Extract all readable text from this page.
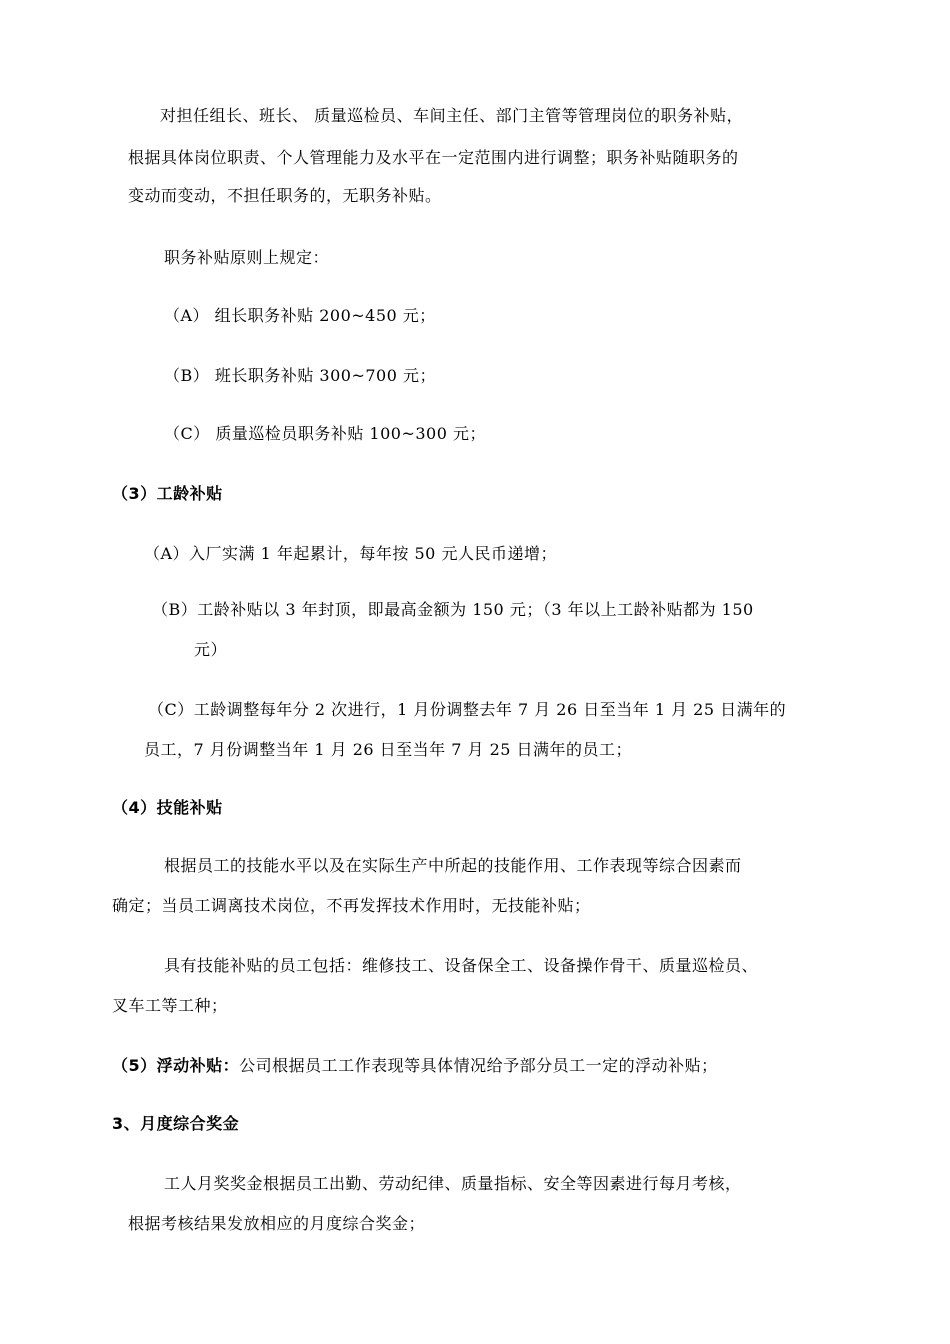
对担任组长、班长、 质量巡检员、车间主任、部门主管等管理岗位的职务补贴，
根据具体岗位职责、个人管理能力及水平在一定范围内进行调整；职务补贴随职务的
变动而变动，不担任职务的，无职务补贴。
职务补贴原则上规定：
（A） 组长职务补贴 200~450 元；
（B） 班长职务补贴 300~700 元；
（C） 质量巡检员职务补贴 100~300 元；
（3）工龄补贴
（A）入厂实满 1 年起累计，每年按 50 元人民币递增；
（B）工龄补贴以 3 年封顶，即最高金额为 150 元；（3 年以上工龄补贴都为 150
元）
（C）工龄调整每年分 2 次进行，1 月份调整去年 7 月 26 日至当年 1 月 25 日满年的
员工，7 月份调整当年 1 月 26 日至当年 7 月 25 日满年的员工；
（4）技能补贴
根据员工的技能水平以及在实际生产中所起的技能作用、工作表现等综合因素而
确定；当员工调离技术岗位，不再发挥技术作用时，无技能补贴；
具有技能补贴的员工包括：维修技工、设备保全工、设备操作骨干、质量巡检员、
叉车工等工种；
（5）浮动补贴：公司根据员工工作表现等具体情况给予部分员工一定的浮动补贴；
3、月度综合奖金
工人月奖奖金根据员工出勤、劳动纪律、质量指标、安全等因素进行每月考核，
根据考核结果发放相应的月度综合奖金；
